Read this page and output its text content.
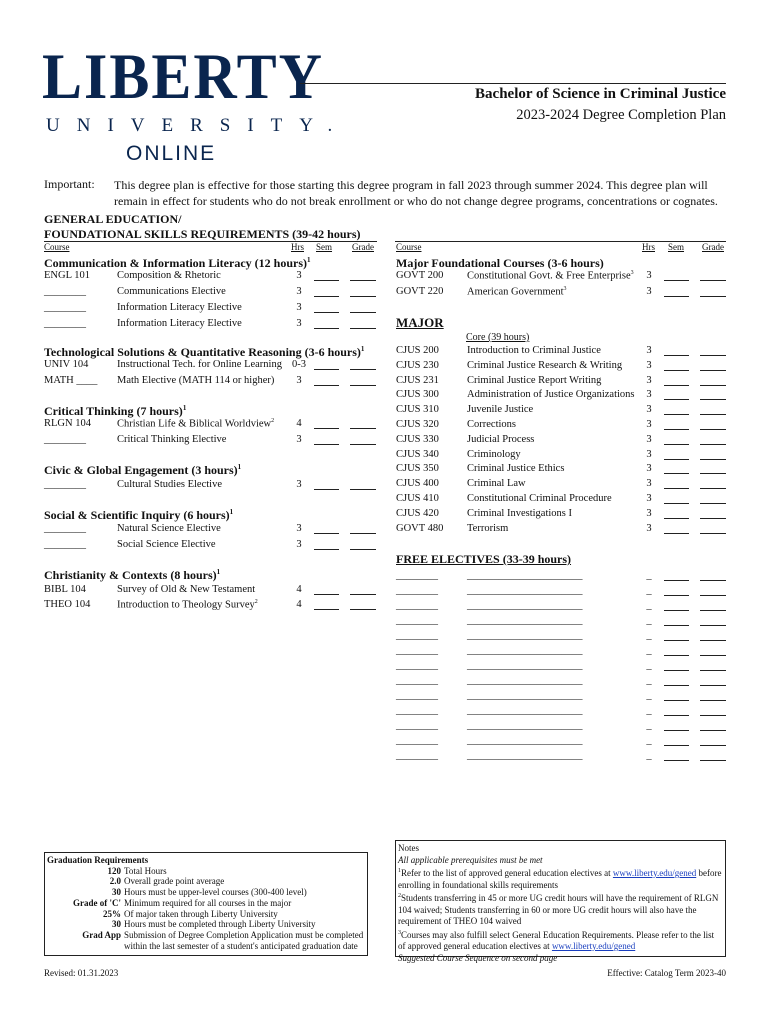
LIBERTY
UNIVERSITY.
ONLINE
Bachelor of Science in Criminal Justice
2023-2024 Degree Completion Plan
Important: This degree plan is effective for those starting this degree program in fall 2023 through summer 2024. This degree plan will remain in effect for students who do not break enrollment or who do not change degree programs, concentrations or cognates.
GENERAL EDUCATION/
FOUNDATIONAL SKILLS REQUIREMENTS (39-42 hours)
Course	Hrs Sem Grade Course	Hrs Sem Grade
Communication & Information Literacy (12 hours)$^1$
ENGL 101	Composition & Rhetoric	3
________	Communications Elective	3
________	Information Literacy Elective	3
________	Information Literacy Elective	3
Technological Solutions & Quantitative Reasoning (3-6 hours)$^1$
UNIV 104	Instructional Tech. for Online Learning 0-3
MATH ____ Math Elective (MATH 114 or higher)	3
Critical Thinking (7 hours)$^1$
RLGN 104 Christian Life & Biblical Worldview$^2$	4
________	Critical Thinking Elective	3
Civic & Global Engagement (3 hours)$^1$
________	Cultural Studies Elective	3
Social & Scientific Inquiry (6 hours)$^1$
________	Natural Science Elective	3
________	Social Science Elective	3
Christianity & Contexts (8 hours)$^1$
BIBL 104	Survey of Old & New Testament	4
THEO 104	Introduction to Theology Survey$^2$	4
GOVT 200 Constitutional Govt. & Free Enterprise$^3$	3
GOVT 220 American Government$^3$	3
CJUS 200	Introduction to Criminal Justice	3
CJUS 230	Criminal Justice Research & Writing	3
CJUS 231	Criminal Justice Report Writing	3
CJUS 300	Administration of Justice Organizations	3
CJUS 310	Juvenile Justice	3
CJUS 320	Corrections	3
CJUS 330	Judicial Process	3
CJUS 340	Criminology	3
CJUS 350	Criminal Justice Ethics	3
CJUS 400	Criminal Law	3
CJUS 410	Constitutional Criminal Procedure	3
CJUS 420	Criminal Investigations I	3
GOVT 480 Terrorism	3
________	______________________	_
________	______________________	_
________	______________________	_
________	______________________	_
________	______________________	_
________	______________________	_
________	______________________	_
________	______________________	_
________	______________________	_
________	______________________	_
________	______________________	_
________	______________________	_
________	______________________	_
Major Foundational Courses (3-6 hours)
MAJOR
Core (39 hours)
FREE ELECTIVES (33-39 hours)
Graduation Requirements
120 Total Hours
2.0 Overall grade point average
30 Hours must be upper-level courses (300-400 level)
Grade of 'C' Minimum required for all courses in the major
25% Of major taken through Liberty University
30 Hours must be completed through Liberty University
Grad App Submission of Degree Completion Application must be completed
within the last semester of a student's anticipated graduation date
Notes
All applicable prerequisites must be met
$^1$Refer to the list of approved general education electives at www.liberty.edu/gened before enrolling in foundational skills requirements
$^2$Students transferring in 45 or more UG credit hours will have the requirement of RLGN 104 waived; Students transferring in 60 or more UG credit hours will also have the requirement of THEO 104 waived
$^3$Courses may also fulfill select General Education Requirements. Please refer to the list of approved general education electives at www.liberty.edu/gened
Suggested Course Sequence on second page
Revised: 01.31.2023	Effective: Catalog Term 2023-40
